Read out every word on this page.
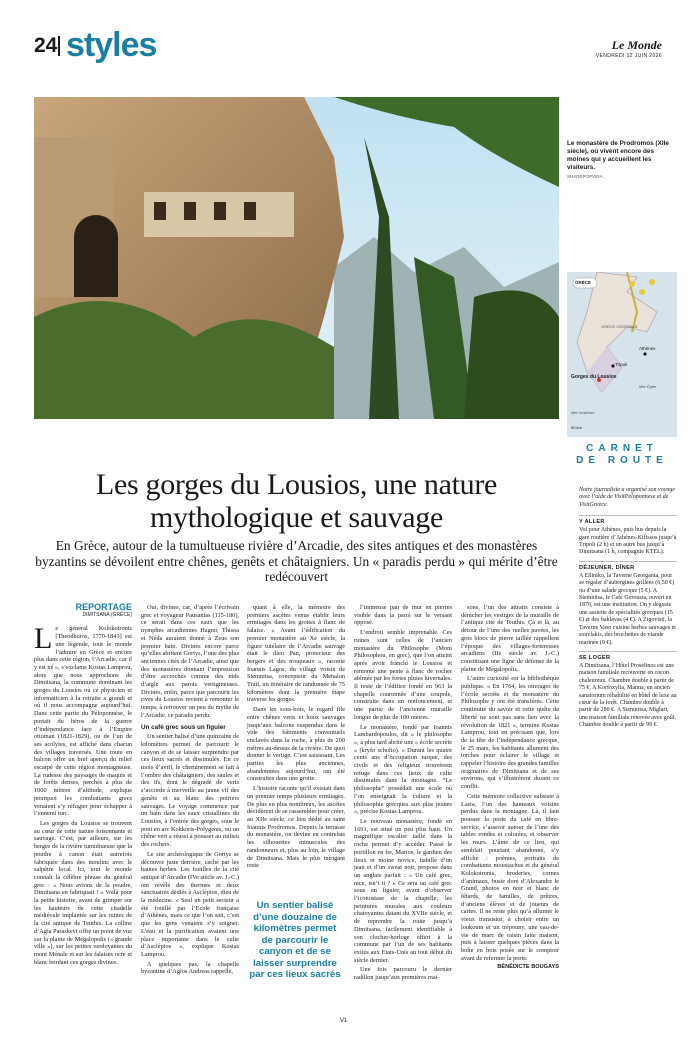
24 styles	Le Monde
VENDREDI 12 JUIN 2026
Le monastère de Prodromos (XIIe siècle), où vivent encore des moines qui y accueillent les visiteurs.
SHAREPOPVIRA
GRÈCE
GRÈCE CENTRALE
Athènes
Tripoli
Gorges du Lousios
Mer Ionienne
Mer Égée
50 km
Les gorges du Lousios, une nature mythologique et sauvage
En Grèce, autour de la tumultueuse rivière d’Arcadie, des sites antiques et des monastères byzantins se dévoilent entre chênes, genêts et châtaigniers. Un « paradis perdu » qui mérite d’être redécouvert
REPORTAGE
DIMITSANA (GRÈCE)

Le général Kolokotronis [Theodhoros, 1770-1843] est une légende, tout le monde l’admire en Grèce et encore plus dans cette région, l’Arcadie, car il y est né », s’exclame Kostas Lamprou, alors que nous approchons de Dimitsana, la commune dominant les gorges du Lousios où ce physicien et informaticien à la retraite a grandi et où il nous accompagne aujourd’hui. Dans cette partie du Péloponnèse, le portait du héros de la guerre d’indépendance face à l’Empire ottoman (1821-1829), ou de l’un de ses acolytes, est affiché dans chacun des villages traversés. Une route en balcon offre un bref aperçu du relief escarpé de cette région montagneuse. La rudesse des paysages de maquis et de forêts denses, perchés à plus de 1000 mètres d’altitude, explique pourquoi les combattants grecs venaient s’y réfugier pour échapper à l’ennemi turc.

Les gorges du Lousios se trouvent au cœur de cette nature foisonnante et sauvage. C’est, par ailleurs, sur les berges de la rivière tumultueuse que la poudre à canon était autrefois fabriquée dans des moulins avec le salpêtre local. Ici, tout le monde connaît la célèbre phrase du général grec : « Nous avions de la poudre, Dimitsana en fabriquait ! » Voilà pour la petite histoire, avant de grimper sur les hauteurs de cette citadelle médiévale implantée sur les ruines de la cité antique de Teuthis. La colline d’Agia Paraskevi offre un point de vue sur la plaine de Mégalopolis (« grande ville »), sur les petites verdoyantes du mont Ménale et sur les falaises ocre et blanc bordant ces gorges divines.

Oui, divines, car, d’après l’écrivain grec et voyageur Pausanias (115-180), ce serait dans ces eaux que les nymphes arcadiennes Hagno, Thisoa et Néda auraient donné à Zeus son premier bain. Divines encore parce qu’elles abritent Gortys, l’une des plus anciennes cités de l’Arcadie, ainsi que des monastères donnant l’impression d’être accrochés comme des nids d’aigle aux parois vertigineuses. Divines, enfin, parce que parcourir les rives du Lousios revient à remonter le temps, à retrouver un peu du mythe de l’Arcadie, ce paradis perdu.

Un café grec sous un figuier

Un sentier balisé d’une quinzaine de kilomètres permet de parcourir le canyon et de se laisser surprendre par ces lieux sacrés et dissimulés. En ce mois d’avril, le cheminement se fait à l’ombre des châtaigniers, des saules et des ifs, dont le dégradé de verts s’accorde à merveille au jaune vif des genêts et au blanc des poiriers sauvages. Le voyage commence par un bain dans les eaux cristallines du Lousios, à l’entrée des gorges, sous le pont en arc Kokkoris-Polygenis, où un chêne vert a réussi à pousser au milieu des rochers.

Le site archéologique de Gortys se découvre juste derrière, caché par les hautes herbes. Les fouilles de la cité antique d’Arcadie (IVe siècle av. J.-C.) ont révélé des thermes et deux sanctuaires dédiés à Asclépios, dieu de la médecine. « Seul un petit secteur a été fouillé par l’Ecole française d’Athènes, mais ce que l’on sait, c’est que les gens venaient s’y soigner. L’eau et la purification avaient une place importante dans le culte d’Asclépios », explique Kostas Lamprou.

A quelques pas, la chapelle byzantine d’Agios Andreas rappelle,

quant à elle, la mémoire des premiers ascètes venus établir leurs ermitages dans les grottes à flanc de falaise. « Avant l’édification du premier monastère au Xe siècle, la figure tutélaire de l’Arcadie sauvage était le dieu Pan, protecteur des bergers et des troupeaux », raconte Ioannis Lagos, du village voisin de Stemnitsa, concepteur du Menalon Trail, un itinéraire de randonnée de 75 kilomètres dont la première étape traverse les gorges.

Dans les sous-bois, le regard file entre chênes verts et houx sauvages jusqu’aux balcons suspendus dans le vide des bâtiments conventuels enclavés dans la roche, à plus de 200 mètres au-dessus de la rivière. De quoi donner le vertige. C’est saisissant. Les parties les plus anciennes, abandonnées aujourd’hui, ont été construites dans une grotte.

L’histoire raconte qu’il existait dans un premier temps plusieurs ermitages. De plus en plus nombreux, les ascètes décidèrent de se rassembler pour créer, au XIIe siècle, ce lieu dédié au saint Ioannis Prodromos. Depuis la terrasse du monastère, on devine en contrebas les silhouettes minuscules des randonneurs et, plus au loin, le village de Dimitsana. Mais le plus intrigant reste

l’immense pan de mur en pierres visible dans la paroi sur le versant opposé.

L’endroit semble imprenable. Ces ruines sont celles de l’ancien monastère du Philosophe (Moni Philosophou, en grec), que l’on atteint après avoir franchi le Lousios et remonté une pente à flanc de rocher abîmée par les fortes pluies hivernales. Il reste de l’édifice fondé en 963 la chapelle couronnée d’une coupole, construite dans un renfoncement, et une partie de l’ancienne muraille longue de plus de 100 mètres.

Le monastère, fondé par Ioannis Lambardopoulos, dit « le philosophe », a plus tard abrité une « école secrète » (kryfo scholio). « Durant les quatre cents ans d’occupation turque, des civils et des religieux trouvèrent refuge dans ces lieux de culte dissimulés dans la montagne. “Le philosophe” possédait une école où l’on enseignait la culture et la philosophie grecques aux plus jeunes », précise Kostas Lamprou.

Le nouveau monastère, fondé en 1691, est situé un peu plus haut. Un magnifique escalier taillé dans la roche permet d’y accéder. Passé le portillon en fer, Marios, le gardien des lieux et moine novice, habillé d’un jean et d’un sweat noir, propose dans un anglais parfait : « Un café grec, nice, isn’t it ? » Ce sera un café grec sous un figuier, avant d’observer l’iconostase de la chapelle, les peintures murales aux couleurs chatoyantes datant du XVIIe siècle, et de reprendre la route jusqu’à Dimitsana, facilement identifiable à son clocher-horloge offert à la commune par l’un de ses habitants exilés aux Etats-Unis au tout début du siècle dernier.

Une fois parcouru le dernier radillon jusqu’aux premières mai-

sons, l’un des attraits consiste à dénicher les vestiges de la muraille de l’antique cité de Teuthis. Çà et là, au détour de l’une des ruelles pavées, les gros blocs de pierre taillée rappellent l’époque des villages-forteresses arcadiens (IIe siècle av. J.-C.) constituant une ligne de défense de la plaine de Mégalopolis.

L’autre curiosité est la bibliothèque publique. « En 1764, les ouvrages de l’école secrète et du monastère du Philosophe y ont été transférés. Cette continuité du savoir et cette quête de liberté ne sont pas sans lien avec la révolution de 1821 », termine Kostas Lamprou, tout en précisant que, lors de la fête de l’indépendance grecque, le 25 mars, les habitants allument des torches pour éclairer le village et rappeler l’histoire des grandes familles originaires de Dimitsana et de ses environs, qui s’illustrèrent durant ce conflit.

Cette mémoire collective subsiste à Lasta, l’un des hameaux voisins perdus dans la montagne. Là, il faut pousser la porte du café en libre-service, s’asseoir autour de l’une des tables rondes et colorées, et observer les murs. L’âme de ce lieu, qui semblait pourtant abandonné, s’y affiche : poèmes, portraits de combattants moustachus et du général Kolokotronis, broderies, cornes d’animaux, buste doré d’Alexandre le Grand, photos en noir et blanc de fêtards, de familles, de prêtres, d’anciens élèves et de joueurs de cartes. Il ne reste plus qu’à allumer le vieux transistor, à choisir entre un loukoum et un trépouny, une eau-de-vie de marc de raisin faite maison, puis à laisser quelques pièces dans la boîte en bois posée sur le comptoir avant de refermer la porte.

BÉNÉDICTE BOUGAYS
Un sentier balisé d’une douzaine de kilomètres permet de parcourir le canyon et de se laisser surprendre par ces lieux sacrés
CARNET
DE ROUTE
Notre journaliste a organisé son voyage avec l’aide de VisitPeloponnese et de VisitGreece.
Y ALLER
Vol pour Athènes, puis bus depuis la gare routière d’Athènes-Kifissos jusqu’à Tripoli (2 h) et un autre bus jusqu’à Dimitsana (1 h, compagnie KTEL).
DÉJEUNER, DÎNER
A Elliniko, la Taverne Georganta, pour se régaler d’aubergines grillées (6,50 €) ou d’une salade grecque (5 €). A Stemnitsa, le Café Gerousia, ouvert en 1870, est une institution. On y déguste une assiette de spécialités grecques (15 €) et des baklavas (4 €). A Zigovisti, la Taverne Vaso cuisine herbes sauvages et souvlakis, des brochettes de viande marinée (9 €).
SE LOGER
A Dimitsana, l’Hôtel Proselinos est une maison familiale recouverte en cocon chaleureux. Chambre double à partir de 75 €. A Korfoxylia, Manna, un ancien sanatorium réhabilité en hôtel de luxe au cœur de la forêt. Chambre double à partir de 280 €. A Stemnitsa, Miglari, une maison familiale rénovée avec goût. Chambre double à partir de 99 €.
V1
